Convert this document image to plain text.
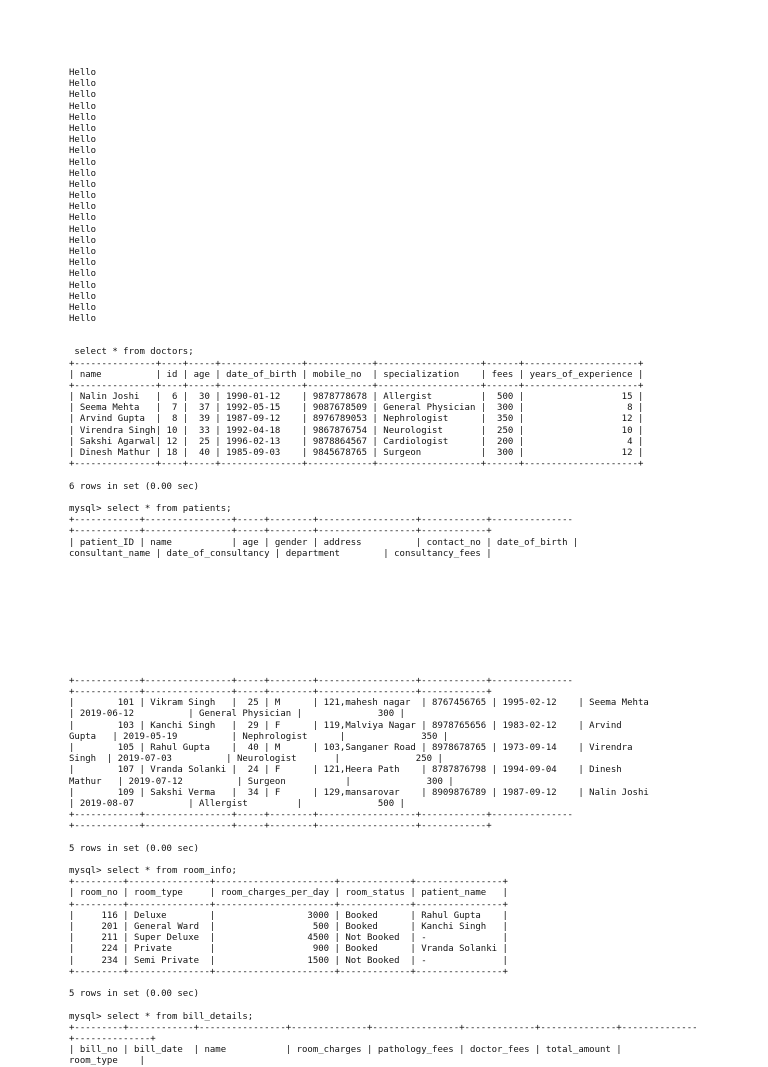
Hello
Hello
Hello
Hello
Hello
Hello
Hello
Hello
Hello
Hello
Hello
Hello
Hello
Hello
Hello
Hello
Hello
Hello
Hello
Hello
Hello
Hello
Hello
select * from doctors;
+---------------+----+-----+---------------+------------+-------------------+------+---------------------+
| name          | id | age | date_of_birth | mobile_no  | specialization    | fees | years_of_experience |
+---------------+----+-----+---------------+------------+-------------------+------+---------------------+
| Nalin Joshi   |  6 |  30 | 1990-01-12    | 9878778678 | Allergist         |  500 |                  15 |
| Seema Mehta   |  7 |  37 | 1992-05-15    | 9087678509 | General Physician |  300 |                   8 |
| Arvind Gupta  |  8 |  39 | 1987-09-12    | 8976789053 | Nephrologist      |  350 |                  12 |
| Virendra Singh| 10 |  33 | 1992-04-18    | 9867876754 | Neurologist       |  250 |                  10 |
| Sakshi Agarwal| 12 |  25 | 1996-02-13    | 9878864567 | Cardiologist      |  200 |                   4 |
| Dinesh Mathur | 18 |  40 | 1985-09-03    | 9845678765 | Surgeon           |  300 |                  12 |
+---------------+----+-----+---------------+------------+-------------------+------+---------------------+
6 rows in set (0.00 sec)
mysql> select * from patients;
+------------+----------------+-----+--------+------------------+------------+---------------
+------------+----------------+-----+--------+------------------+------------+
| patient_ID | name           | age | gender | address          | contact_no | date_of_birth |
consultant_name | date_of_consultancy | department        | consultancy_fees |
+------------+----------------+-----+--------+------------------+------------+---------------
+------------+----------------+-----+--------+------------------+------------+
|        101 | Vikram Singh   |  25 | M      | 121,mahesh nagar  | 8767456765 | 1995-02-12    | Seema Mehta
| 2019-06-12          | General Physician |              300 |
|        103 | Kanchi Singh   |  29 | F      | 119,Malviya Nagar | 8978765656 | 1983-02-12    | Arvind
Gupta   | 2019-05-19          | Nephrologist      |              350 |
|        105 | Rahul Gupta    |  40 | M      | 103,Sanganer Road | 8978678765 | 1973-09-14    | Virendra
Singh  | 2019-07-03          | Neurologist       |              250 |
|        107 | Vranda Solanki |  24 | F      | 121,Heera Path    | 8787876798 | 1994-09-04    | Dinesh
Mathur   | 2019-07-12          | Surgeon           |              300 |
|        109 | Sakshi Verma   |  34 | F      | 129,mansarovar    | 8909876789 | 1987-09-12    | Nalin Joshi
| 2019-08-07          | Allergist         |              500 |
+------------+----------------+-----+--------+------------------+------------+---------------
+------------+----------------+-----+--------+------------------+------------+
5 rows in set (0.00 sec)
mysql> select * from room_info;
+---------+---------------+----------------------+-------------+----------------+
| room_no | room_type     | room_charges_per_day | room_status | patient_name   |
+---------+---------------+----------------------+-------------+----------------+
|     116 | Deluxe        |                 3000 | Booked      | Rahul Gupta    |
|     201 | General Ward  |                  500 | Booked      | Kanchi Singh   |
|     211 | Super Deluxe  |                 4500 | Not Booked  | -              |
|     224 | Private       |                  900 | Booked      | Vranda Solanki |
|     234 | Semi Private  |                 1500 | Not Booked  | -              |
+---------+---------------+----------------------+-------------+----------------+
5 rows in set (0.00 sec)
mysql> select * from bill_details;
+---------+------------+----------------+--------------+----------------+-------------+--------------+--------------
+--------------+
| bill_no | bill_date  | name           | room_charges | pathology_fees | doctor_fees | total_amount |
room_type    |
